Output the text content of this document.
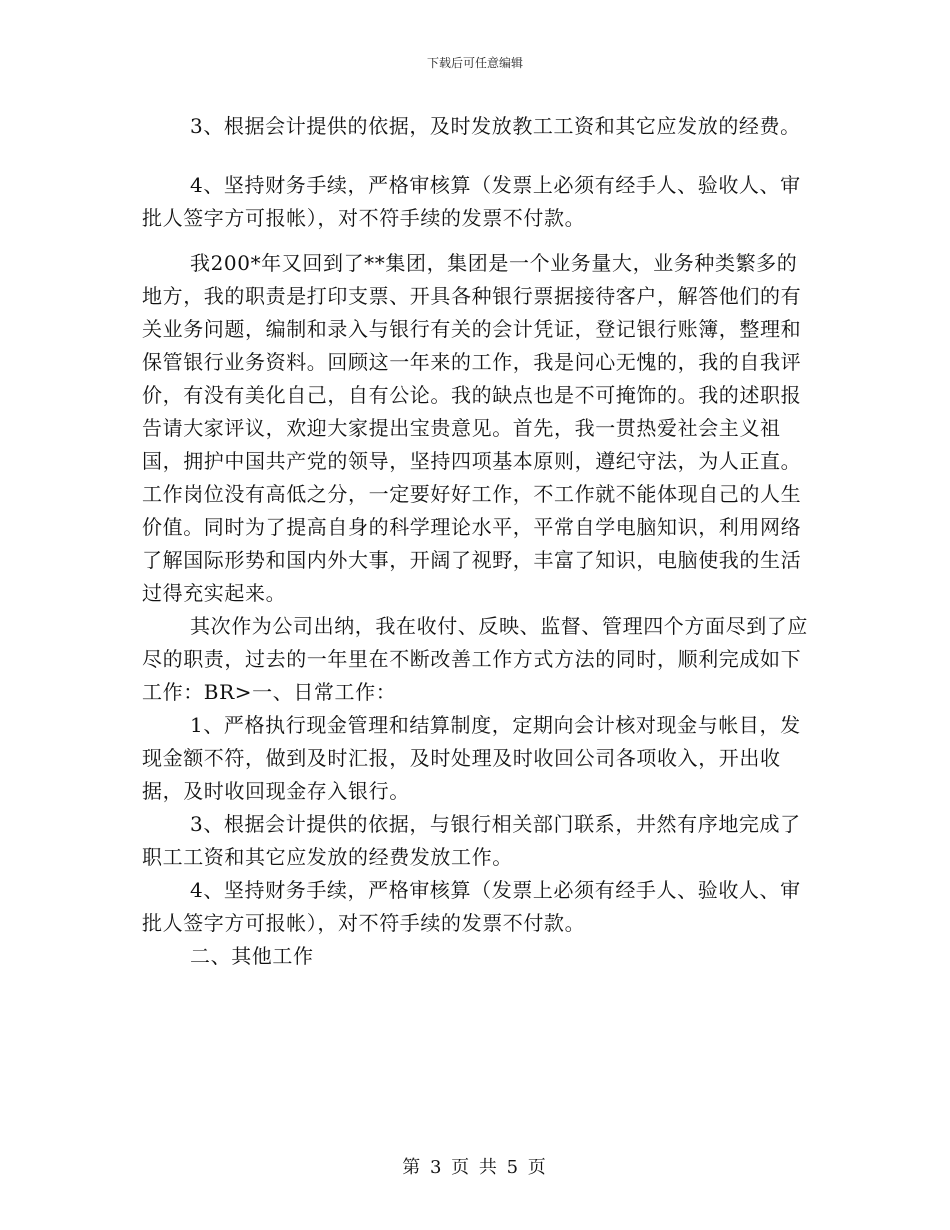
下载后可任意编辑

3、根据会计提供的依据，及时发放教工工资和其它应发放的经费。

4、坚持财务手续，严格审核算（发票上必须有经手人、验收人、审批人签字方可报帐），对不符手续的发票不付款。

我200*年又回到了**集团，集团是一个业务量大，业务种类繁多的地方，我的职责是打印支票、开具各种银行票据接待客户，解答他们的有关业务问题，编制和录入与银行有关的会计凭证，登记银行账簿，整理和保管银行业务资料。回顾这一年来的工作，我是问心无愧的，我的自我评价，有没有美化自己，自有公论。我的缺点也是不可掩饰的。我的述职报告请大家评议，欢迎大家提出宝贵意见。首先，我一贯热爱社会主义祖国，拥护中国共产党的领导，坚持四项基本原则，遵纪守法，为人正直。工作岗位没有高低之分，一定要好好工作，不工作就不能体现自己的人生价值。同时为了提高自身的科学理论水平，平常自学电脑知识，利用网络了解国际形势和国内外大事，开阔了视野，丰富了知识，电脑使我的生活过得充实起来。

其次作为公司出纳，我在收付、反映、监督、管理四个方面尽到了应尽的职责，过去的一年里在不断改善工作方式方法的同时，顺利完成如下工作：BR>一、日常工作：

1、严格执行现金管理和结算制度，定期向会计核对现金与帐目，发现金额不符，做到及时汇报，及时处理及时收回公司各项收入，开出收据，及时收回现金存入银行。

3、根据会计提供的依据，与银行相关部门联系，井然有序地完成了职工工资和其它应发放的经费发放工作。

4、坚持财务手续，严格审核算（发票上必须有经手人、验收人、审批人签字方可报帐），对不符手续的发票不付款。

二、其他工作

第 3 页 共 5 页
